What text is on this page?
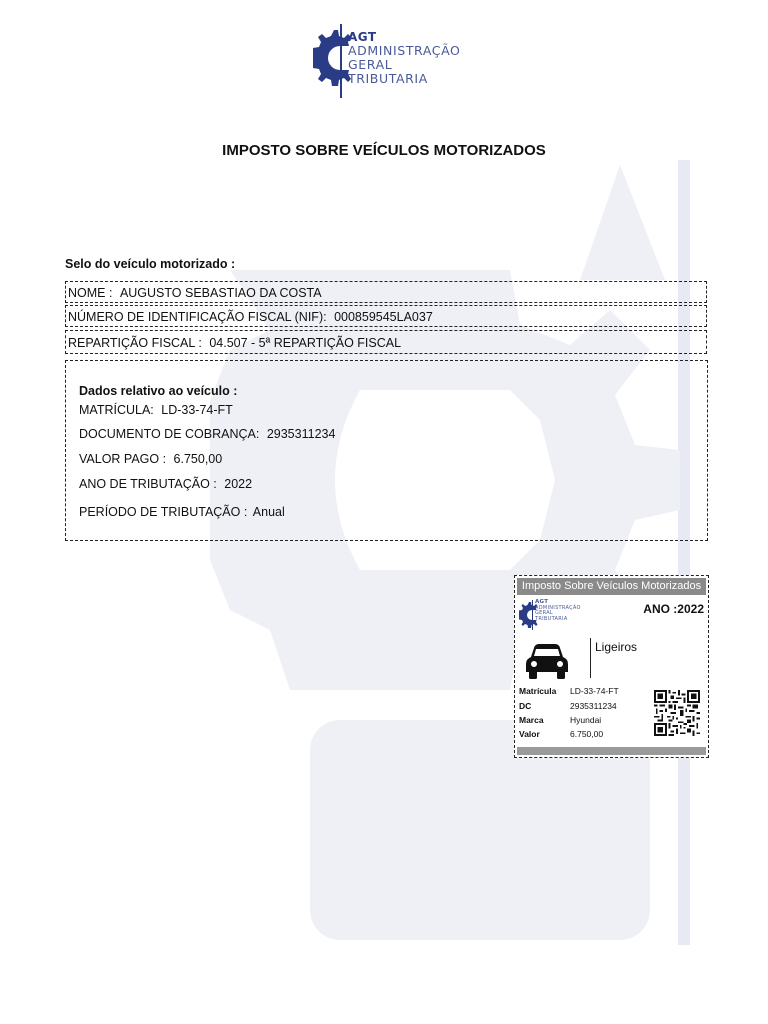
AGT
ADMINISTRAÇÃO
GERAL
TRIBUTARIA
IMPOSTO SOBRE VEÍCULOS MOTORIZADOS
Selo do veículo motorizado :
NOME : AUGUSTO SEBASTIAO DA COSTA
NÚMERO DE IDENTIFICAÇÃO FISCAL (NIF): 000859545LA037
REPARTIÇÃO FISCAL : 04.507 - 5ª REPARTIÇÃO FISCAL
Dados relativo ao veículo :
MATRÍCULA: LD-33-74-FT
DOCUMENTO DE COBRANÇA: 2935311234
VALOR PAGO : 6.750,00
ANO DE TRIBUTAÇÃO : 2022
PERÍODO DE TRIBUTAÇÃO : Anual
Imposto Sobre Veículos Motorizados
AGT
ADMINISTRAÇÃO
GERAL
TRIBUTARIA
ANO :2022
Ligeiros
Matrícula LD-33-74-FT
DC	2935311234
Marca	Hyundai
Valor	6.750,00
